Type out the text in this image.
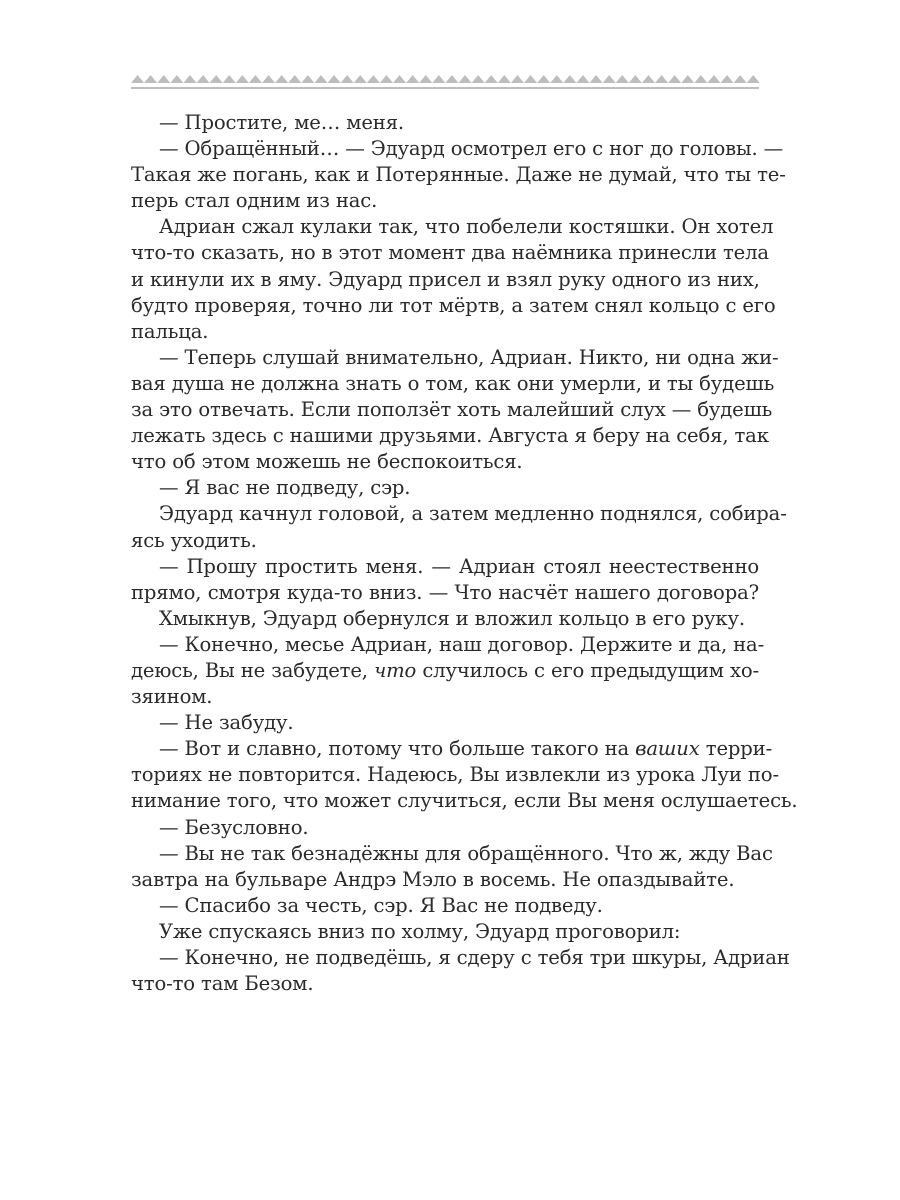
— Простите, ме… меня.
— Обращённый… — Эдуард осмотрел его с ног до головы. —
Такая же погань, как и Потерянные. Даже не думай, что ты те-
перь стал одним из нас.
Адриан сжал кулаки так, что побелели костяшки. Он хотел
что-то сказать, но в этот момент два наёмника принесли тела
и кинули их в яму. Эдуард присел и взял руку одного из них,
будто проверяя, точно ли тот мёртв, а затем снял кольцо с его
пальца.
— Теперь слушай внимательно, Адриан. Никто, ни одна жи-
вая душа не должна знать о том, как они умерли, и ты будешь
за это отвечать. Если поползёт хоть малейший слух — будешь
лежать здесь с нашими друзьями. Августа я беру на себя, так
что об этом можешь не беспокоиться.
— Я вас не подведу, сэр.
Эдуард качнул головой, а затем медленно поднялся, собира-
ясь уходить.
— Прошу простить меня. — Адриан стоял неестественно
прямо, смотря куда-то вниз. — Что насчёт нашего договора?
Хмыкнув, Эдуард обернулся и вложил кольцо в его руку.
— Конечно, месье Адриан, наш договор. Держите и да, на-
деюсь, Вы не забудете, что случилось с его предыдущим хо-
зяином.
— Не забуду.
— Вот и славно, потому что больше такого на ваших терри-
ториях не повторится. Надеюсь, Вы извлекли из урока Луи по-
нимание того, что может случиться, если Вы меня ослушаетесь.
— Безусловно.
— Вы не так безнадёжны для обращённого. Что ж, жду Вас
завтра на бульваре Андрэ Мэло в восемь. Не опаздывайте.
— Спасибо за честь, сэр. Я Вас не подведу.
Уже спускаясь вниз по холму, Эдуард проговорил:
— Конечно, не подведёшь, я сдеру с тебя три шкуры, Адриан
что-то там Безом.
